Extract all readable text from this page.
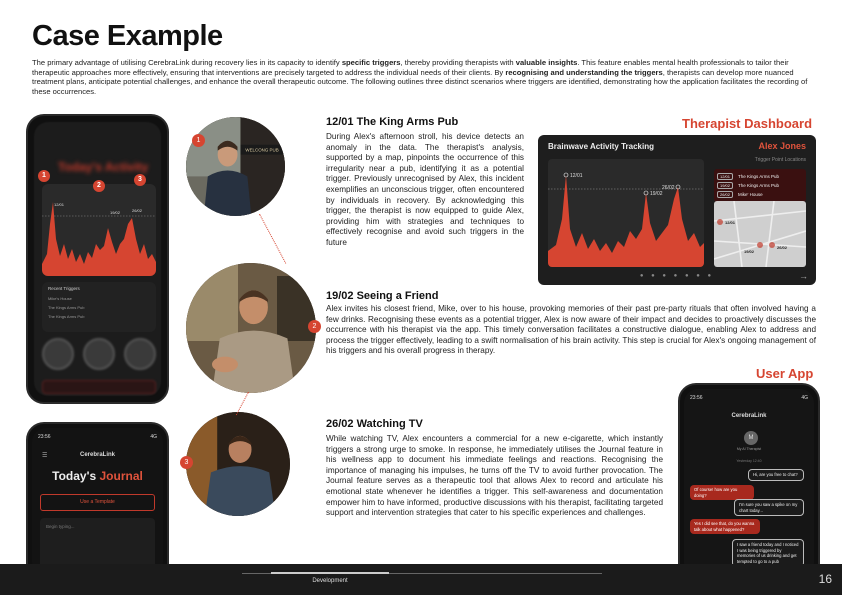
Case Example
The primary advantage of utilising CerebraLink during recovery lies in its capacity to identify specific triggers, thereby providing therapists with valuable insights. This feature enables mental health professionals to tailor their therapeutic approaches more effectively, ensuring that interventions are precisely targeted to address the individual needs of their clients. By recognising and understanding the triggers, therapists can develop more nuanced treatment plans, anticipate potential challenges, and enhance the overall therapeutic outcome. The following outlines three distinct scenarios where triggers are identified, demonstrating how the application facilitates the recording of these occurrences.
Today's Activity
12/01
19/02	26/02
1
2
3
Recent Triggers
Mike's House
The Kings Arms Pub
The Kings Arms Pub
23:56	4G
☰	CerebraLink
Today's Journal
Use a Template
Begin typing...
WELCONG PUB
1
2
3
12/01 The King Arms Pub
During Alex's afternoon stroll, his device detects an anomaly in the data. The therapist's analysis, supported by a map, pinpoints the occurrence of this irregularity near a pub, identifying it as a potential trigger. Previously unrecognised by Alex, this incident exemplifies an unconscious trigger, often encountered by individuals in recovery. By acknowledging this trigger, the therapist is now equipped to guide Alex, providing him with strategies and techniques to effectively recognise and avoid such triggers in the future
19/02 Seeing a Friend
Alex invites his closest friend, Mike, over to his house, provoking memories of their past pre-party rituals that often involved having a few drinks. Recognising these events as a potential trigger, Alex is now aware of their impact and decides to proactively discusses the occurrence with his therapist via the app. This timely conversation facilitates a constructive dialogue, enabling Alex to address and process the trigger effectively, leading to a swift normalisation of his brain activity. This step is crucial for Alex's ongoing management of his triggers and his overall progress in therapy.
26/02 Watching TV
While watching TV, Alex encounters a commercial for a new e-cigarette, which instantly triggers a strong urge to smoke. In response, he immediately utilises the Journal feature in his wellness app to document his immediate feelings and reactions. Recognising the importance of managing his impulses, he turns off the TV to avoid further provocation. The Journal feature serves as a therapeutic tool that allows Alex to record and articulate his emotional state whenever he identifies a trigger. This self-awareness and documentation empower him to have informed, productive discussions with his therapist, facilitating targeted support and intervention strategies that cater to his specific experiences and challenges.
Therapist Dashboard
Brainwave Activity Tracking	Alex Jones
12/01
19/02
26/02
Trigger Point Locations
12/01	The Kings Arms Pub
19/02	The Kings Arms Pub
26/02	Mike' House
12/01
19/02
26/02
● ● ● ● ● ● ●	→
User App
23:56	4G
CerebraLink
M
My AI Therapist
Yesterday 12:40
Hi, are you free to chat?
Of course! how are you doing?
I'm sure you saw a spike on my chart today...
Yes I did see that, do you wanna talk about what happened?
I saw a friend today and I noticed I was being triggered by memories of us drinking and get tempted to go to a pub
Development	16
